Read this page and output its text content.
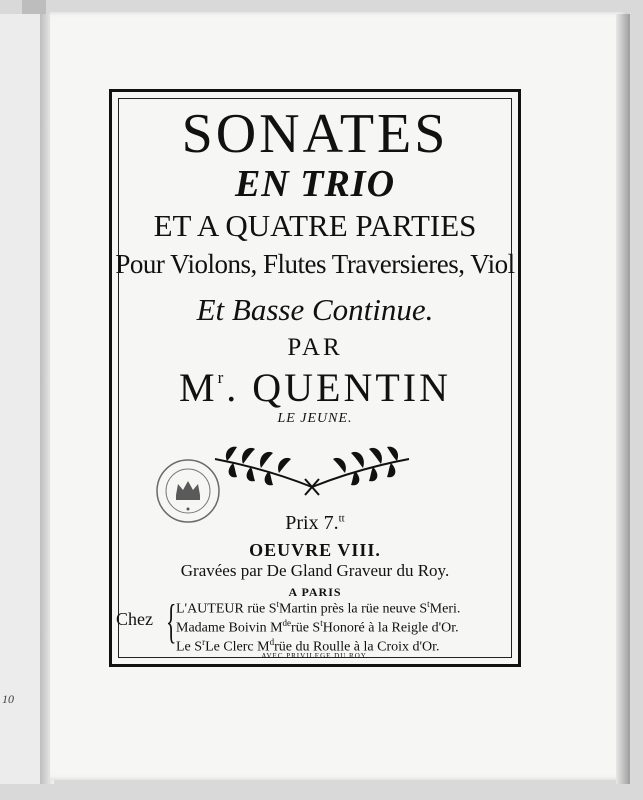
10
SONATES
EN TRIO
ET A QUATRE PARTIES
Pour Violons, Flutes Traversieres, Viol
Et Basse Continue.
PAR
$M^r$. QUENTIN
LE JEUNE.
Prix 7.$^{tt}$
OEUVRE VIII.
Gravées par De Gland Graveur du Roy.
A PARIS
Chez { L'AUTEUR rüe $S^tMartin$ près la rüe neuve $S^tMeri$.
Madame Boivin Mderüe $S^tHonoré$ à la Reigle d'Or.
Le $S^rLe$ Clerc $M^drüe$ du Roulle à la Croix d'Or.
AVEC PRIVILEGE DU ROY.
